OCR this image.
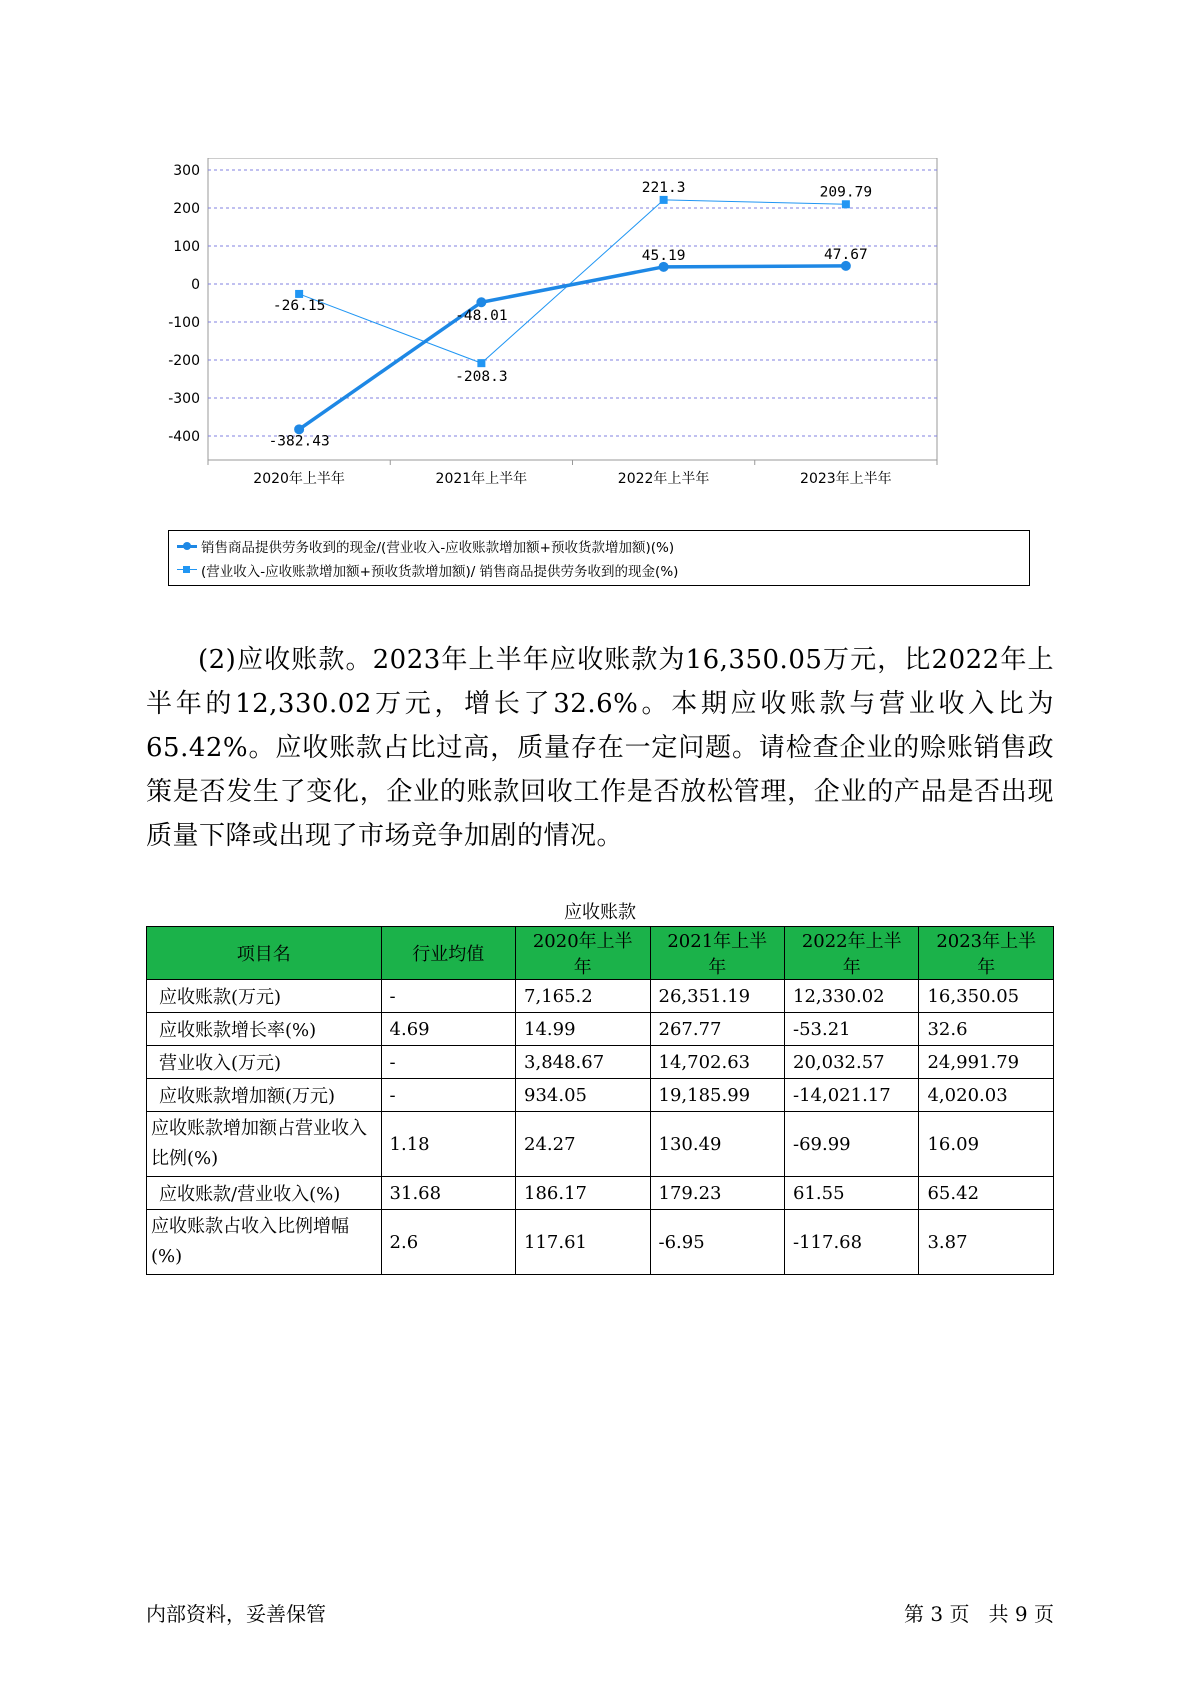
300
200
100
0
-100
-200
-300
-400
2020年上半年	2021年上半年	2022年上半年	2023年上半年
-382.43
-48.01
45.19	47.67
-26.15
-208.3
221.3	209.79
销售商品提供劳务收到的现金/(营业收入-应收账款增加额+预收货款增加额)(%)
(营业收入-应收账款增加额+预收货款增加额)/ 销售商品提供劳务收到的现金(%)
(2)应收账款。2023年上半年应收账款为16,350.05万元，比2022年上半年的12,330.02万元，增长了32.6%。本期应收账款与营业收入比为65.42%。应收账款占比过高，质量存在一定问题。请检查企业的赊账销售政策是否发生了变化，企业的账款回收工作是否放松管理，企业的产品是否出现质量下降或出现了市场竞争加剧的情况。
应收账款
项目名	行业均值	2020年上半年	2021年上半年	2022年上半年	2023年上半年
应收账款(万元)	-	7,165.2	26,351.19	12,330.02	16,350.05
应收账款增长率(%)	4.69	14.99	267.77	-53.21	32.6
营业收入(万元)	-	3,848.67	14,702.63	20,032.57	24,991.79
应收账款增加额(万元)	-	934.05	19,185.99	-14,021.17	4,020.03
应收账款增加额占营业收入比例(%)	1.18	24.27	130.49	-69.99	16.09
应收账款/营业收入(%)	31.68	186.17	179.23	61.55	65.42
应收账款占收入比例增幅(%)	2.6	117.61	-6.95	-117.68	3.87
内部资料，妥善保管	第 3 页   共 9 页
